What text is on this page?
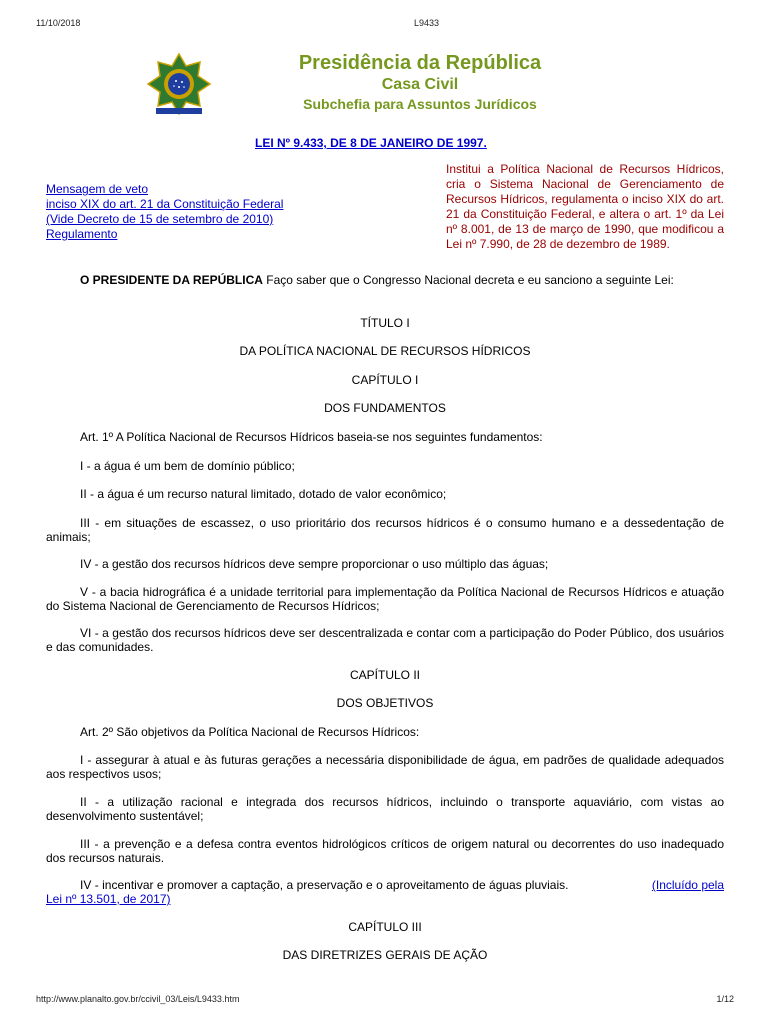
11/10/2018	L9433
Presidência da República
Casa Civil
Subchefia para Assuntos Jurídicos
LEI Nº 9.433, DE 8 DE JANEIRO DE 1997.
Mensagem de veto
inciso XIX do art. 21 da Constituição Federal
(Vide Decreto de 15 de setembro de 2010)
Regulamento
Institui a Política Nacional de Recursos Hídricos, cria o Sistema Nacional de Gerenciamento de Recursos Hídricos, regulamenta o inciso XIX do art. 21 da Constituição Federal, e altera o art. 1º da Lei nº 8.001, de 13 de março de 1990, que modificou a Lei nº 7.990, de 28 de dezembro de 1989.

O PRESIDENTE DA REPÚBLICA Faço saber que o Congresso Nacional decreta e eu sanciono a seguinte Lei:

TÍTULO I
DA POLÍTICA NACIONAL DE RECURSOS HÍDRICOS
CAPÍTULO I
DOS FUNDAMENTOS
Art. 1º A Política Nacional de Recursos Hídricos baseia-se nos seguintes fundamentos:
I - a água é um bem de domínio público;
II - a água é um recurso natural limitado, dotado de valor econômico;
III - em situações de escassez, o uso prioritário dos recursos hídricos é o consumo humano e a dessedentação de animais;
IV - a gestão dos recursos hídricos deve sempre proporcionar o uso múltiplo das águas;
V - a bacia hidrográfica é a unidade territorial para implementação da Política Nacional de Recursos Hídricos e atuação do Sistema Nacional de Gerenciamento de Recursos Hídricos;
VI - a gestão dos recursos hídricos deve ser descentralizada e contar com a participação do Poder Público, dos usuários e das comunidades.
CAPÍTULO II
DOS OBJETIVOS
Art. 2º São objetivos da Política Nacional de Recursos Hídricos:
I - assegurar à atual e às futuras gerações a necessária disponibilidade de água, em padrões de qualidade adequados aos respectivos usos;
II - a utilização racional e integrada dos recursos hídricos, incluindo o transporte aquaviário, com vistas ao desenvolvimento sustentável;
III - a prevenção e a defesa contra eventos hidrológicos críticos de origem natural ou decorrentes do uso inadequado dos recursos naturais.
IV - incentivar e promover a captação, a preservação e o aproveitamento de águas pluviais.	(Incluído pela Lei nº 13.501, de 2017)
CAPÍTULO III
DAS DIRETRIZES GERAIS DE AÇÃO
http://www.planalto.gov.br/ccivil_03/Leis/L9433.htm	1/12
